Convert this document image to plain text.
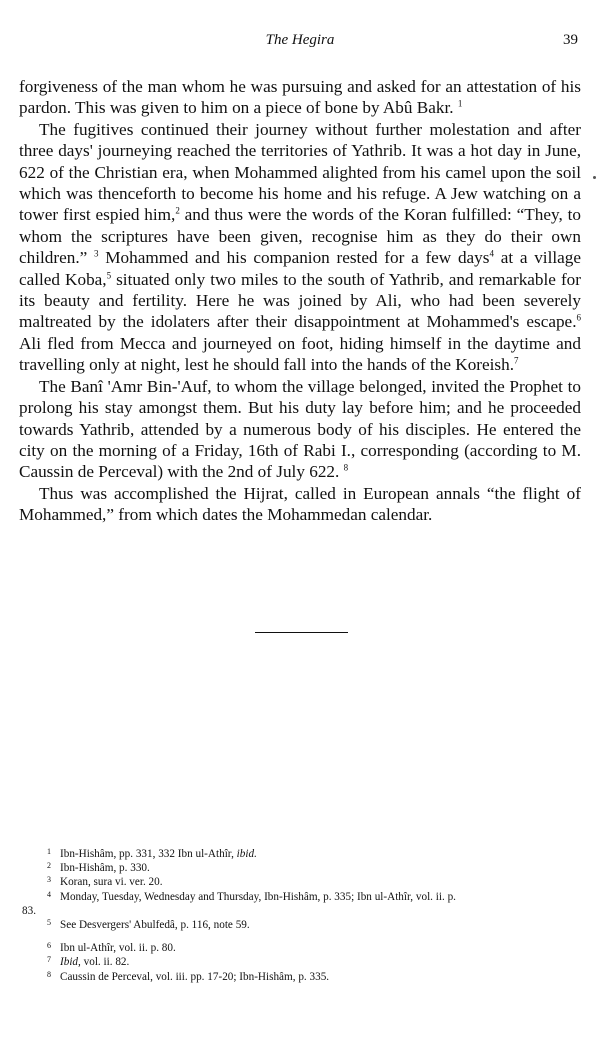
The Hegira	39

forgiveness of the man whom he was pursuing and asked for an attestation of his pardon. This was given to him on a piece of bone by Abû Bakr. $^1$

The fugitives continued their journey without further molestation and after three days' journeying reached the territories of Yathrib. It was a hot day in June, 622 of the Christian era, when Mohammed alighted from his camel upon the soil which was thenceforth to become his home and his refuge. A Jew watching on a tower first espied him,$^2$ and thus were the words of the Koran fulfilled: “They, to whom the scriptures have been given, recognise him as they do their own children.” $^3$ Mohammed and his companion rested for a few days$^4$ at a village called Koba,$^5$ situated only two miles to the south of Yathrib, and remarkable for its beauty and fertility. Here he was joined by Ali, who had been severely maltreated by the idolaters after their disappointment at Mohammed's escape.$^6$ Ali fled from Mecca and journeyed on foot, hiding himself in the daytime and travelling only at night, lest he should fall into the hands of the Koreish.$^7$

The Banî 'Amr Bin-'Auf, to whom the village belonged, invited the Prophet to prolong his stay amongst them. But his duty lay before him; and he proceeded towards Yathrib, attended by a numerous body of his disciples. He entered the city on the morning of a Friday, 16th of Rabi I., corresponding (according to M. Caussin de Perceval) with the 2nd of July 622. $^8$

Thus was accomplished the Hijrat, called in European annals “the flight of Mohammed,” from which dates the Mohammedan calendar.

1 Ibn-Hishâm, pp. 331, 332 Ibn ul-Athîr, ibid.

2 Ibn-Hishâm, p. 330.

3 Koran, sura vi. ver. 20.

4 Monday, Tuesday, Wednesday and Thursday, Ibn-Hishâm, p. 335; Ibn ul-Athîr, vol. ii. p.

83.

5 See Desvergers' Abulfedâ, p. 116, note 59.

6 Ibn ul-Athîr, vol. ii. p. 80.

7 Ibid, vol. ii. 82.

8 Caussin de Perceval, vol. iii. pp. 17-20; Ibn-Hishâm, p. 335.
